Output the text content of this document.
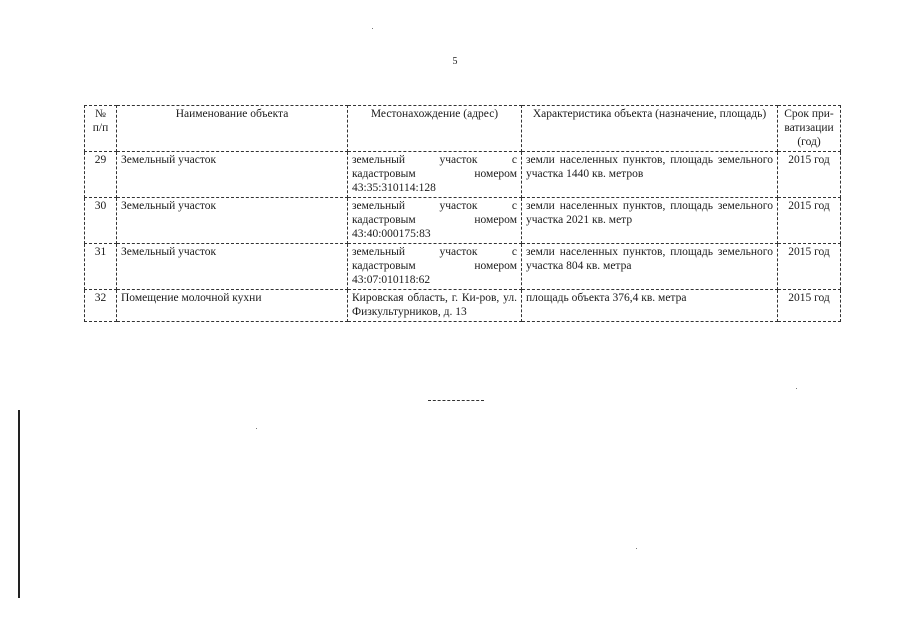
5
№ п/п	Наименование объекта	Местонахождение (адрес)	Характеристика объекта (назначение, площадь)	Срок при-ватизации (год)
29	Земельный участок	земельный участок с кадастровым номером 43:35:310114:128	земли населенных пунктов, площадь земельного участка 1440 кв. метров	2015 год
30	Земельный участок	земельный участок с кадастровым номером 43:40:000175:83	земли населенных пунктов, площадь земельного участка 2021 кв. метр	2015 год
31	Земельный участок	земельный участок с кадастровым номером 43:07:010118:62	земли населенных пунктов, площадь земельного участка 804 кв. метра	2015 год
32	Помещение молочной кухни	Кировская область, г. Ки-ров, ул. Физкультурников, д. 13	площадь объекта 376,4 кв. метра	2015 год
